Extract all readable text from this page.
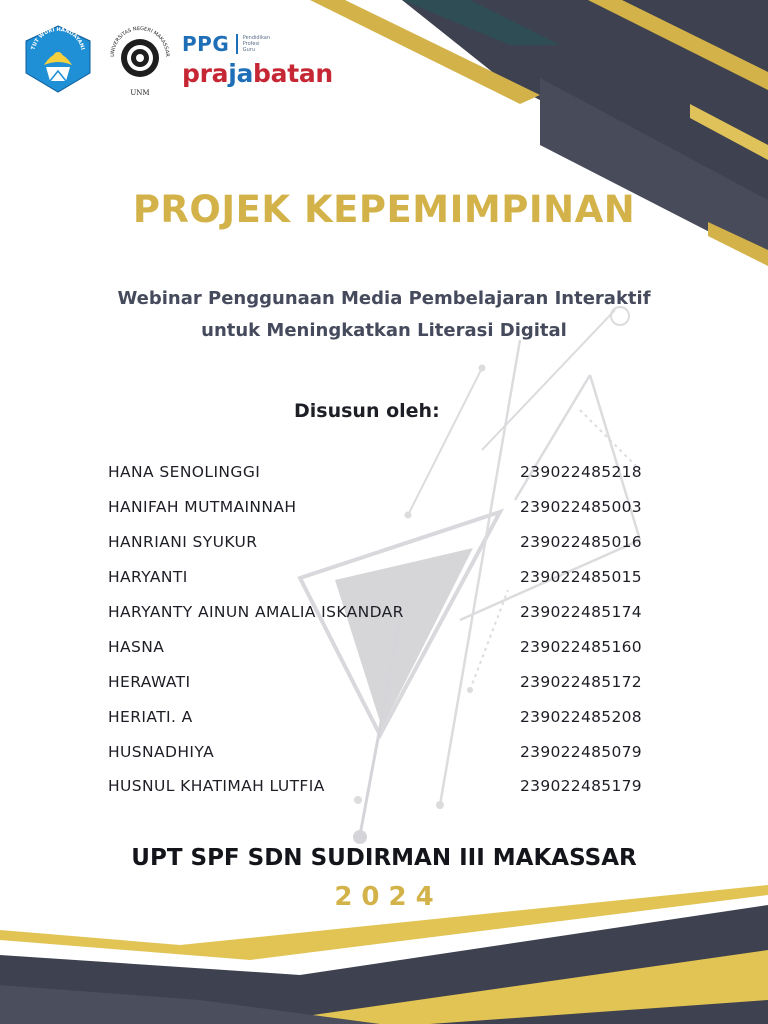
TUT WURI HANDAYANI
UNIVERSITAS NEGERI MAKASSAR
UNM
PPG	Pendidikan
Profesi
Guru
prajabatan
PROJEK KEPEMIMPINAN
Webinar Penggunaan Media Pembelajaran Interaktif
untuk Meningkatkan Literasi Digital
Disusun oleh:
HANA SENOLINGGI	239022485218
HANIFAH MUTMAINNAH	239022485003
HANRIANI SYUKUR	239022485016
HARYANTI	239022485015
HARYANTY AINUN AMALIA ISKANDAR	239022485174
HASNA	239022485160
HERAWATI	239022485172
HERIATI. A	239022485208
HUSNADHIYA	239022485079
HUSNUL KHATIMAH LUTFIA	239022485179
UPT SPF SDN SUDIRMAN III MAKASSAR
2024
